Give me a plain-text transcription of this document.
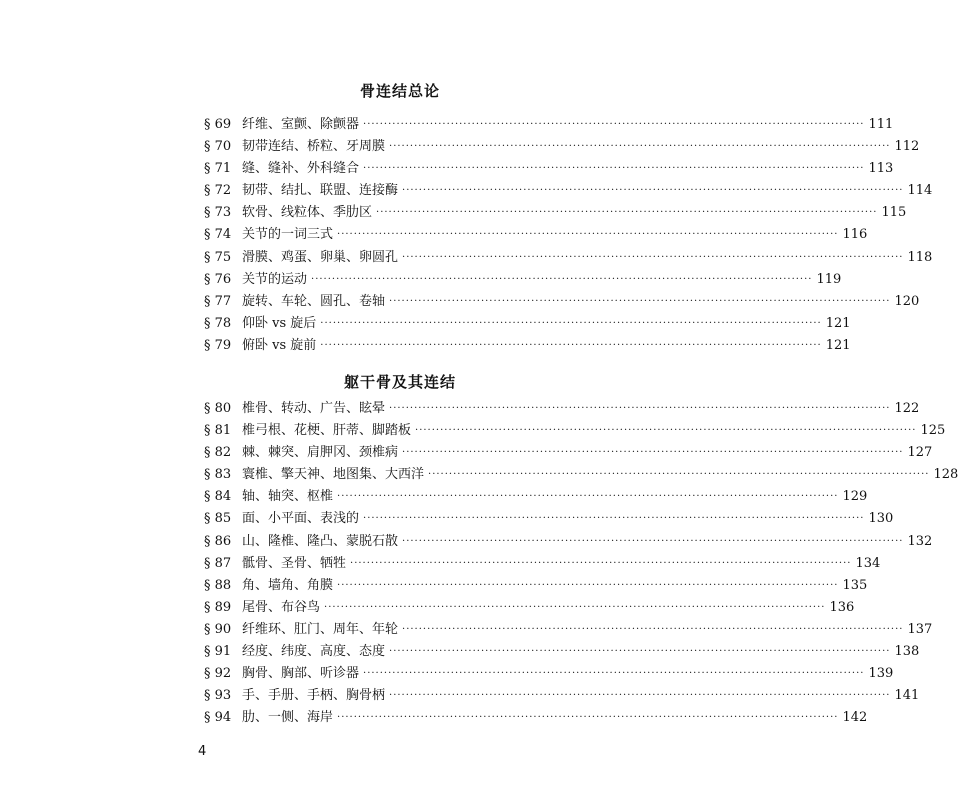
骨连结总论
§ 69 纤维、室颤、除颤器 ························································································································ 111
§ 70 韧带连结、桥粒、牙周膜 ························································································································ 112
§ 71 缝、缝补、外科缝合 ························································································································ 113
§ 72 韧带、结扎、联盟、连接酶 ························································································································ 114
§ 73 软骨、线粒体、季肋区 ························································································································ 115
§ 74 关节的一词三式 ························································································································ 116
§ 75 滑膜、鸡蛋、卵巢、卵圆孔 ························································································································ 118
§ 76 关节的运动 ························································································································ 119
§ 77 旋转、车轮、圆孔、卷轴 ························································································································ 120
§ 78 仰卧 vs 旋后 ························································································································ 121
§ 79 俯卧 vs 旋前 ························································································································ 121
躯干骨及其连结
§ 80 椎骨、转动、广告、眩晕 ························································································································ 122
§ 81 椎弓根、花梗、肝蒂、脚踏板 ························································································································ 125
§ 82 棘、棘突、肩胛冈、颈椎病 ························································································································ 127
§ 83 寰椎、擎天神、地图集、大西洋 ························································································································ 128
§ 84 轴、轴突、枢椎 ························································································································ 129
§ 85 面、小平面、表浅的 ························································································································ 130
§ 86 山、隆椎、隆凸、蒙脱石散 ························································································································ 132
§ 87 骶骨、圣骨、牺牲 ························································································································ 134
§ 88 角、墙角、角膜 ························································································································ 135
§ 89 尾骨、布谷鸟 ························································································································ 136
§ 90 纤维环、肛门、周年、年轮 ························································································································ 137
§ 91 经度、纬度、高度、态度 ························································································································ 138
§ 92 胸骨、胸部、听诊器 ························································································································ 139
§ 93 手、手册、手柄、胸骨柄 ························································································································ 141
§ 94 肋、一侧、海岸 ························································································································ 142
4
